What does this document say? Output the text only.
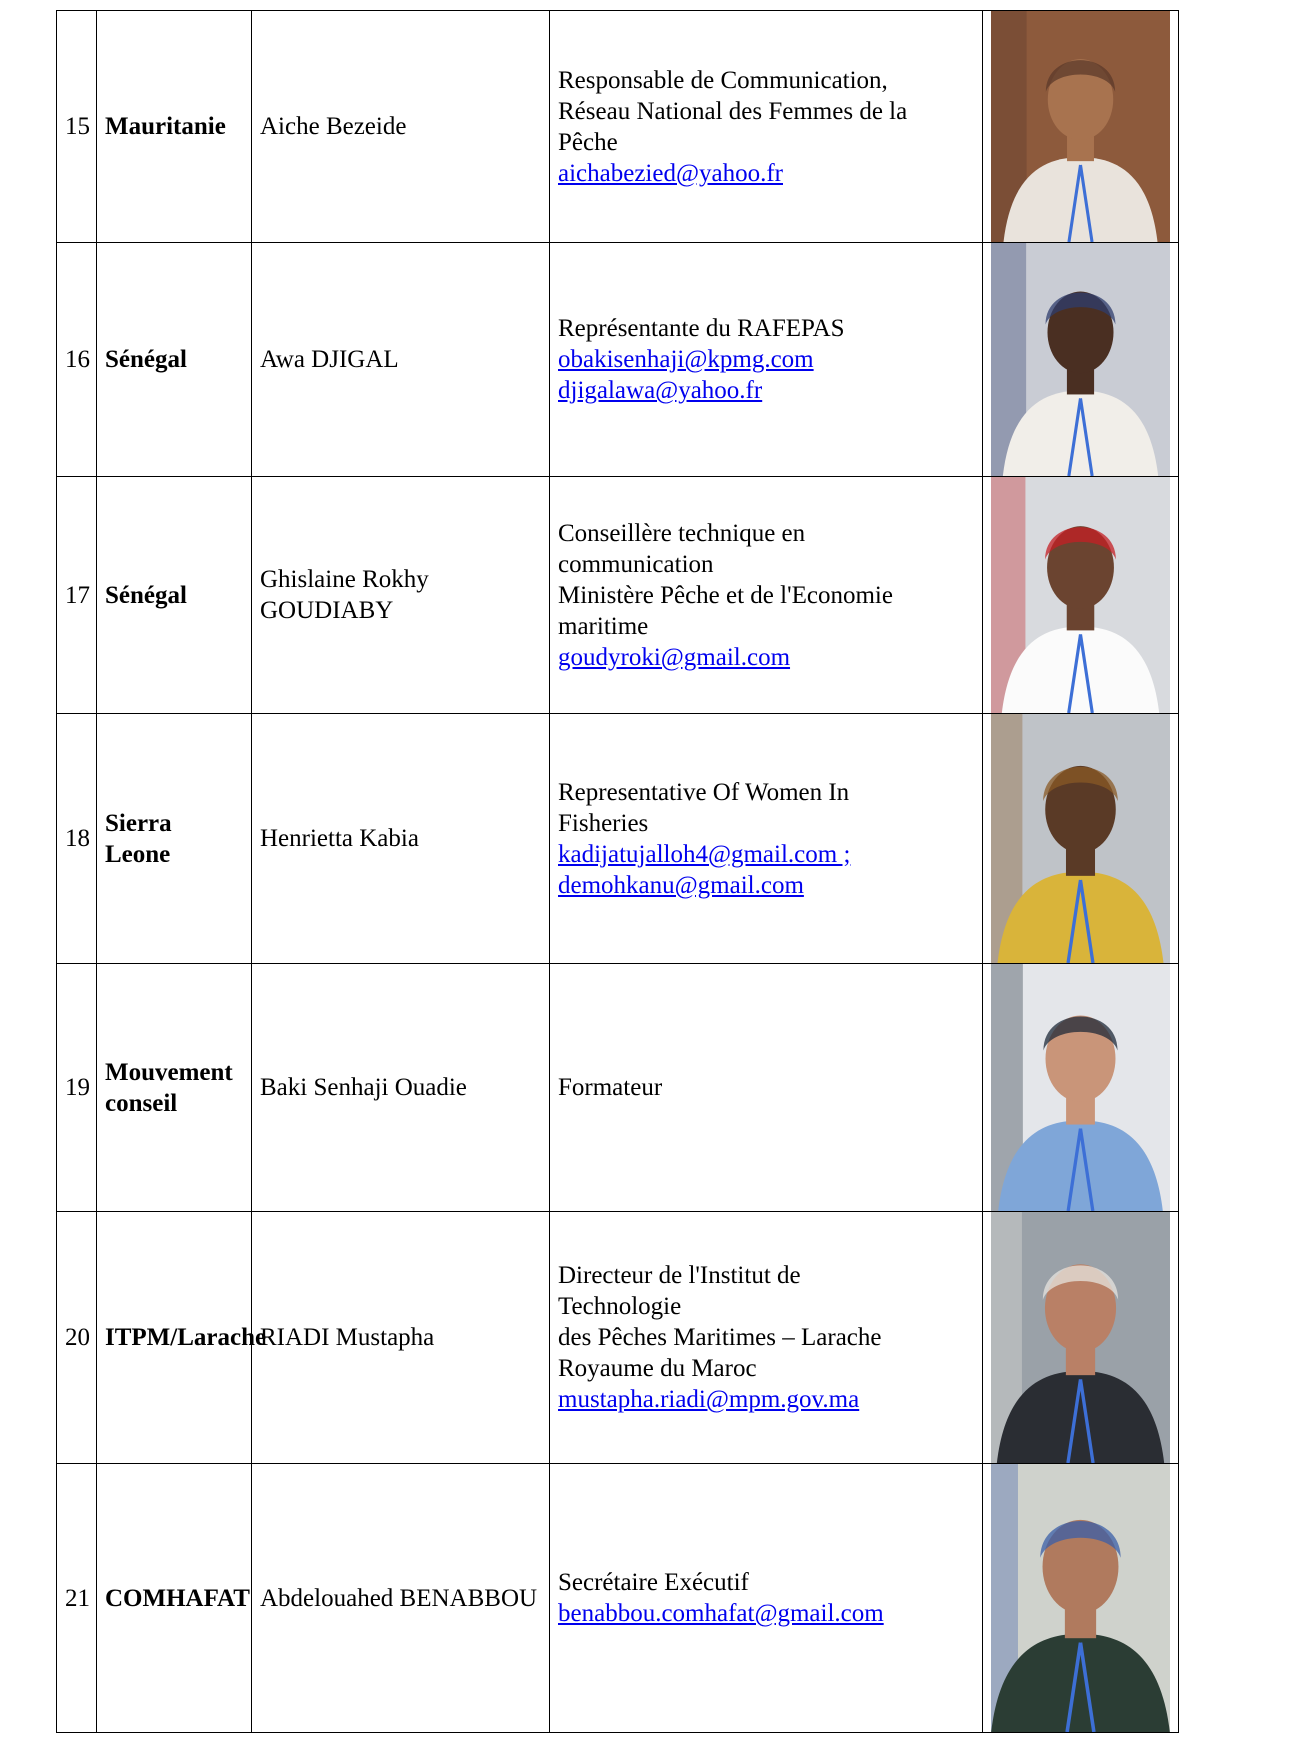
15	Mauritanie	Aiche Bezeide	Responsable de Communication,
Réseau National des Femmes de la
Pêche
aichabezied@yahoo.fr

16	Sénégal	Awa DJIGAL	Représentante du RAFEPAS
obakisenhaji@kpmg.com
djigalawa@yahoo.fr

17	Sénégal	Ghislaine Rokhy GOUDIABY	Conseillère technique en
communication
Ministère Pêche et de l'Economie
maritime
goudyroki@gmail.com

18	Sierra Leone	Henrietta Kabia	Representative Of Women In
Fisheries
kadijatujalloh4@gmail.com ;
demohkanu@gmail.com

19	Mouvement conseil	Baki Senhaji Ouadie	Formateur

20	ITPM/Larache	RIADI Mustapha	Directeur de l'Institut de
Technologie
des Pêches Maritimes – Larache
Royaume du Maroc
mustapha.riadi@mpm.gov.ma

21	COMHAFAT	Abdelouahed BENABBOU	Secrétaire Exécutif
benabbou.comhafat@gmail.com
